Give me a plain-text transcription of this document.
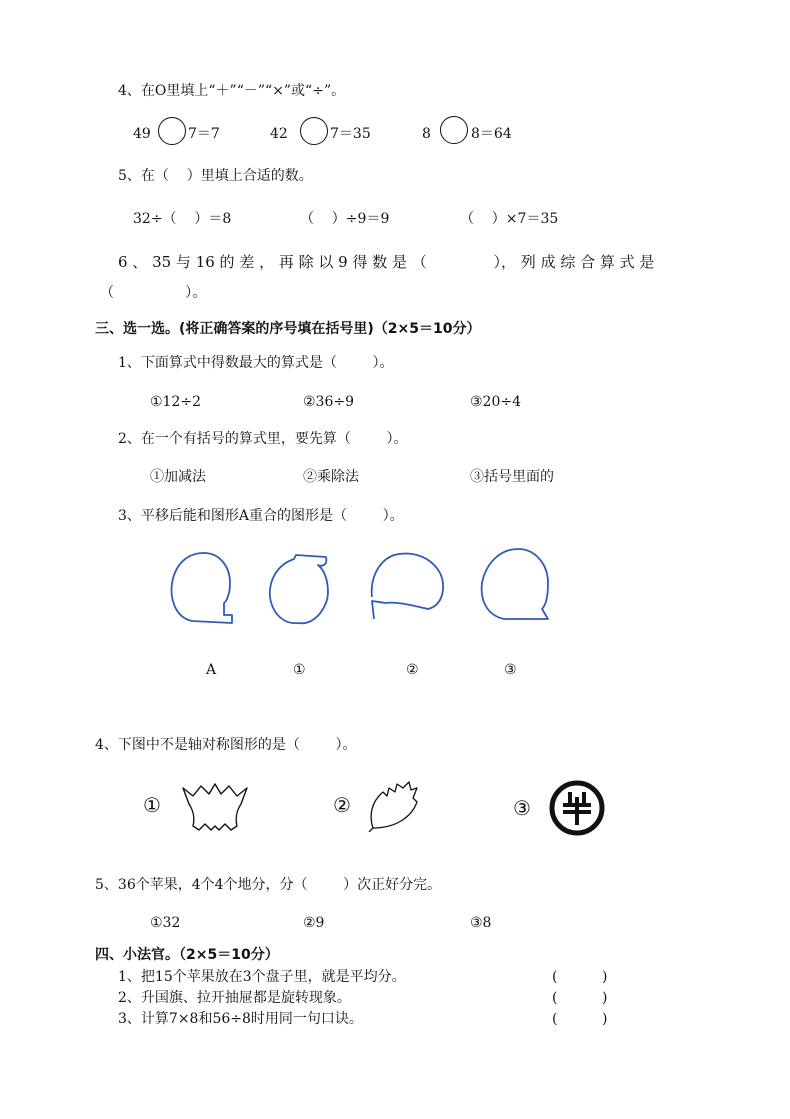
4、在O里填上“＋”“－”“×”或“÷”。
49	7＝7	42	7＝35	8	8＝64
5、在（    ）里填上合适的数。
32÷（    ）＝8	（    ）÷9＝9	（    ）×7＝35
6 、 35 与 16 的 差 ， 再 除 以 9 得 数 是 （              ）， 列 成 综 合 算 式 是
（                ）。
三、选一选。(将正确答案的序号填在括号里)（2×5＝10分）
1、下面算式中得数最大的算式是（        ）。
①12÷2	②36÷9	③20÷4
2、在一个有括号的算式里，要先算（        ）。
①加减法	②乘除法	③括号里面的
3、平移后能和图形A重合的图形是（        ）。
A	①	②	③
4、下图中不是轴对称图形的是（        ）。
①	②	③
5、36个苹果，4个4个地分，分（        ）次正好分完。
①32	②9	③8
四、小法官。（2×5＝10分）
1、把15个苹果放在3个盘子里，就是平均分。	(          )
2、升国旗、拉开抽屉都是旋转现象。	(          )
3、计算7×8和56÷8时用同一句口诀。	(          )
